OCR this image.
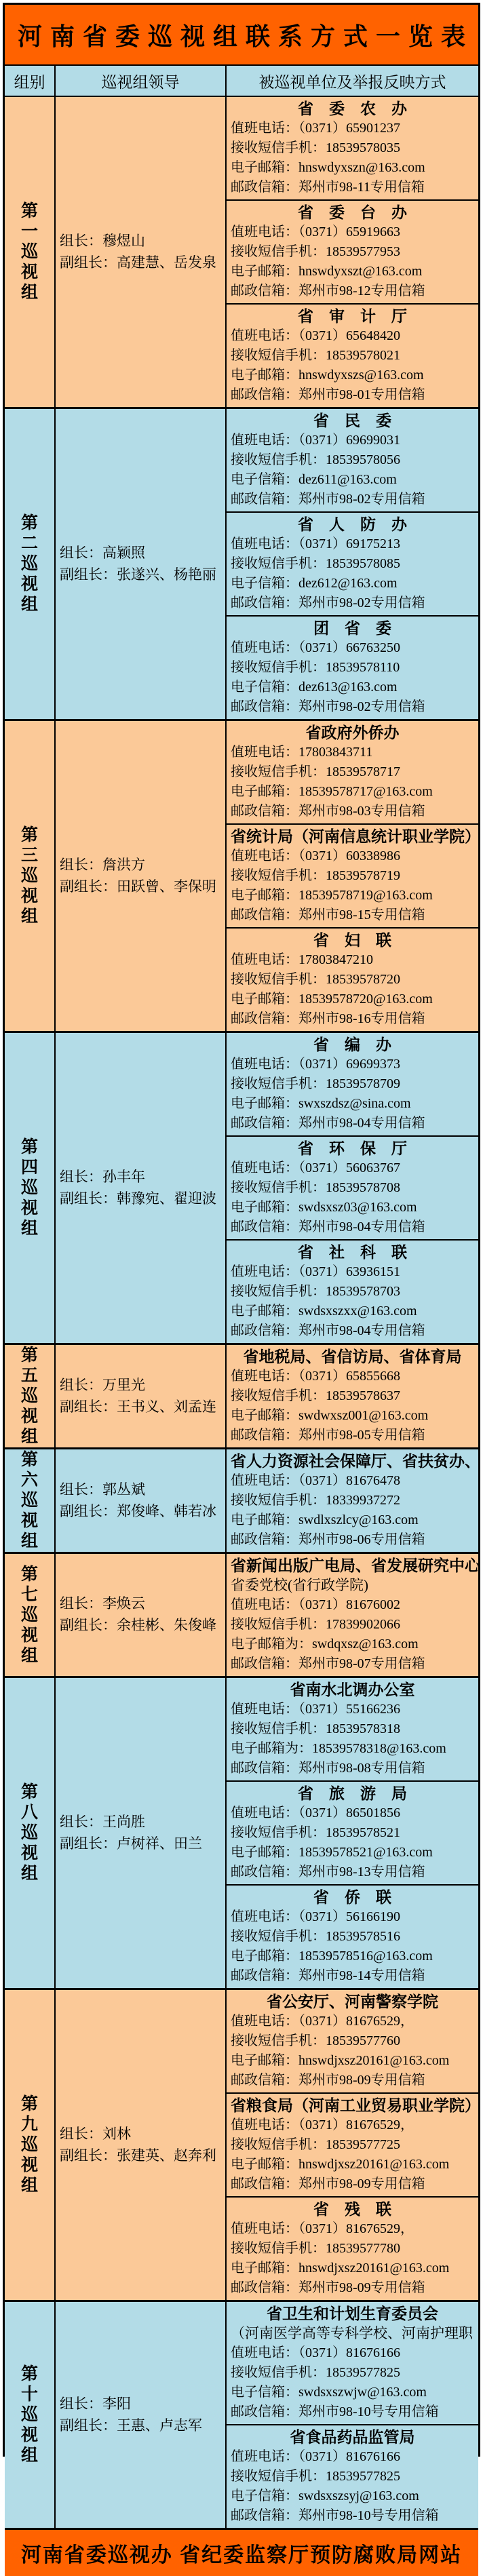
河南省委巡视组联系方式一览表
组别	巡视组领导	被巡视单位及举报反映方式
第
一
巡
视
组
组长：穆煜山
副组长：高建慧、岳发泉
省　委　农　办
值班电话：（0371）65901237
接收短信手机：18539578035
电子邮箱：hnswdyxszn@163.com
邮政信箱：郑州市98-11专用信箱
省　委　台　办
值班电话：（0371）65919663
接收短信手机：18539577953
电子邮箱：hnswdyxszt@163.com
邮政信箱：郑州市98-12专用信箱
省　审　计　厅
值班电话：（0371）65648420
接收短信手机：18539578021
电子邮箱：hnswdyxszs@163.com
邮政信箱：郑州市98-01专用信箱
第
二
巡
视
组
组长：高颖照
副组长：张遂兴、杨艳丽
省　民　委
值班电话：（0371）69699031
接收短信手机：18539578056
电子信箱：dez611@163.com
邮政信箱：郑州市98-02专用信箱
省　人　防　办
值班电话：（0371）69175213
接收短信手机：18539578085
电子信箱：dez612@163.com
邮政信箱：郑州市98-02专用信箱
团　省　委
值班电话：（0371）66763250
接收短信手机：18539578110
电子信箱：dez613@163.com
邮政信箱：郑州市98-02专用信箱
第
三
巡
视
组
组长：詹洪方
副组长：田跃曾、李保明
省政府外侨办
值班电话：17803843711
接收短信手机：18539578717
电子邮箱：18539578717@163.com
邮政信箱：郑州市98-03专用信箱
省统计局（河南信息统计职业学院）
值班电话：（0371）60338986
接收短信手机：18539578719
电子邮箱：18539578719@163.com
邮政信箱：郑州市98-15专用信箱
省　妇　联
值班电话：17803847210
接收短信手机：18539578720
电子邮箱：18539578720@163.com
邮政信箱：郑州市98-16专用信箱
第
四
巡
视
组
组长：孙丰年
副组长：韩豫宛、翟迎波
省　编　办
值班电话：（0371）69699373
接收短信手机：18539578709
电子邮箱：swxszdsz@sina.com
邮政信箱：郑州市98-04专用信箱
省　环　保　厅
值班电话：（0371）56063767
接收短信手机：18539578708
电子邮箱：swdsxsz03@163.com
邮政信箱：郑州市98-04专用信箱
省　社　科　联
值班电话：（0371）63936151
接收短信手机：18539578703
电子邮箱：swdsxszxx@163.com
邮政信箱：郑州市98-04专用信箱
第
五
巡
视
组
组长：万里光
副组长：王书义、刘孟连
省地税局、省信访局、省体育局
值班电话：（0371）65855668
接收短信手机：18539578637
电子邮箱：swdwxsz001@163.com
邮政信箱：郑州市98-05专用信箱
第
六
巡
视
组
组长：郭丛斌
副组长：郑俊峰、韩若冰
省人力资源社会保障厅、省扶贫办、
值班电话：（0371）81676478
接收短信手机：18339937272
电子邮箱：swdlxszlcy@163.com
邮政信箱：郑州市98-06专用信箱
第
七
巡
视
组
组长：李焕云
副组长：余桂彬、朱俊峰
省新闻出版广电局、省发展研究中心
省委党校(省行政学院)
值班电话：（0371）81676002
接收短信手机：17839902066
电子邮箱为：swdqxsz@163.com
邮政信箱：郑州市98-07专用信箱
第
八
巡
视
组
组长：王尚胜
副组长：卢树祥、田兰
省南水北调办公室
值班电话：（0371）55166236
接收短信手机：18539578318
电子邮箱为：18539578318@163.com
邮政信箱：郑州市98-08专用信箱
省　旅　游　局
值班电话：（0371）86501856
接收短信手机：18539578521
电子邮箱：18539578521@163.com
邮政信箱：郑州市98-13专用信箱
省　侨　联
值班电话：（0371）56166190
接收短信手机：18539578516
电子邮箱：18539578516@163.com
邮政信箱：郑州市98-14专用信箱
第
九
巡
视
组
组长：刘林
副组长：张建英、赵奔利
省公安厅、河南警察学院
值班电话：（0371）81676529，
接收短信手机：18539577760
电子邮箱：hnswdjxsz20161@163.com
邮政信箱：郑州市98-09专用信箱
省粮食局（河南工业贸易职业学院）
值班电话：（0371）81676529，
接收短信手机：18539577725
电子邮箱：hnswdjxsz20161@163.com
邮政信箱：郑州市98-09专用信箱
省　残　联
值班电话：（0371）81676529，
接收短信手机：18539577780
电子邮箱：hnswdjxsz20161@163.com
邮政信箱：郑州市98-09专用信箱
第
十
巡
视
组
组长：李阳
副组长：王惠、卢志军
省卫生和计划生育委员会
（河南医学高等专科学校、河南护理职
值班电话：（0371）81676166
接收短信手机：18539577825
电子信箱：swdsxszwjw@163.com
邮政信箱：郑州市98-10号专用信箱
省食品药品监管局
值班电话：（0371）81676166
接收短信手机：18539577825
电子信箱：swdsxszsyj@163.com
邮政信箱：郑州市98-10号专用信箱
河南省委巡视办 省纪委监察厅预防腐败局网站
